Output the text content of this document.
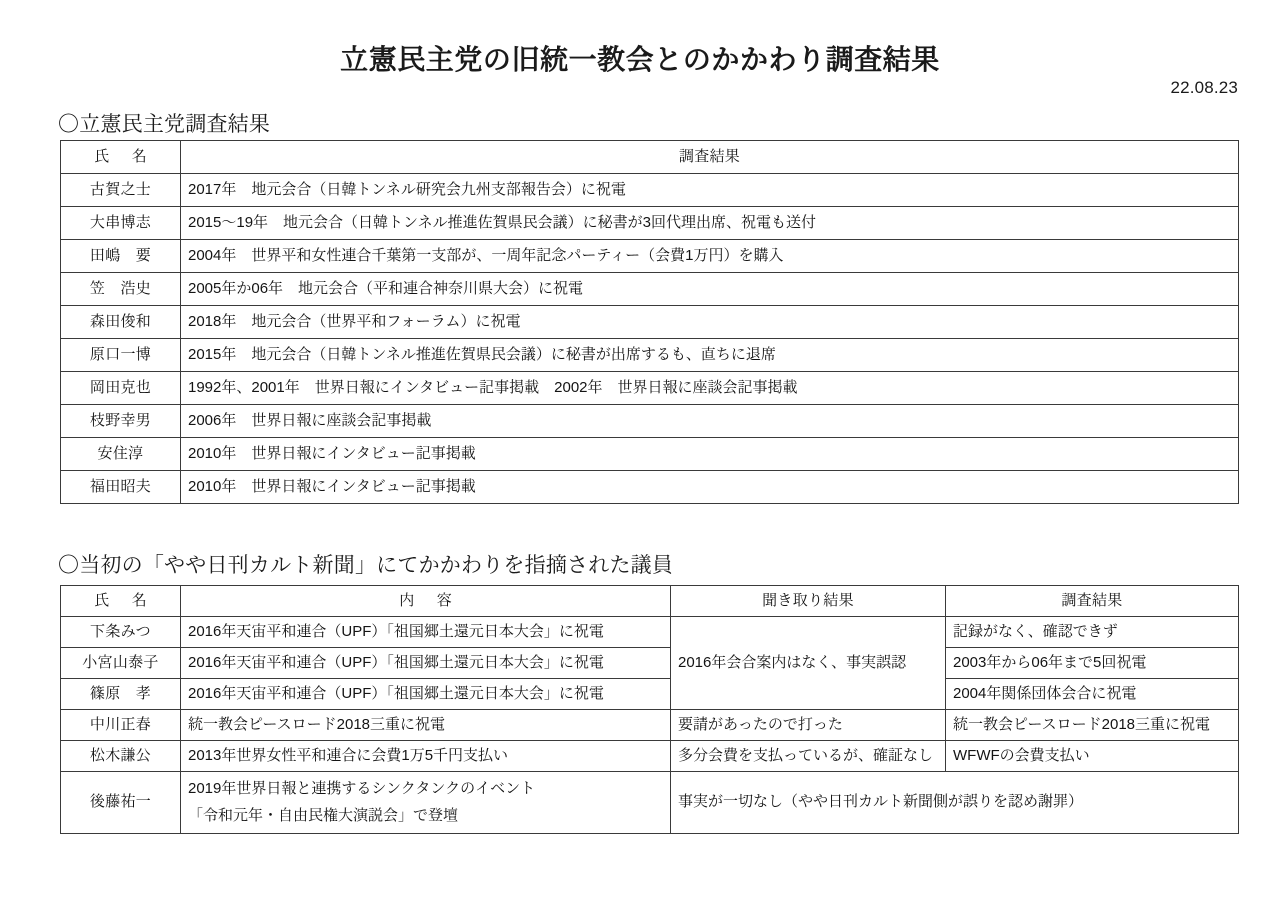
立憲民主党の旧統一教会とのかかわり調査結果
22.08.23
〇立憲民主党調査結果
氏　名	調査結果
古賀之士	2017年　地元会合（日韓トンネル研究会九州支部報告会）に祝電
大串博志	2015〜19年　地元会合（日韓トンネル推進佐賀県民会議）に秘書が3回代理出席、祝電も送付
田嶋　要	2004年　世界平和女性連合千葉第一支部が、一周年記念パーティー（会費1万円）を購入
笠　浩史	2005年か06年　地元会合（平和連合神奈川県大会）に祝電
森田俊和	2018年　地元会合（世界平和フォーラム）に祝電
原口一博	2015年　地元会合（日韓トンネル推進佐賀県民会議）に秘書が出席するも、直ちに退席
岡田克也	1992年、2001年　世界日報にインタビュー記事掲載　2002年　世界日報に座談会記事掲載
枝野幸男	2006年　世界日報に座談会記事掲載
安住淳	2010年　世界日報にインタビュー記事掲載
福田昭夫	2010年　世界日報にインタビュー記事掲載
〇当初の「やや日刊カルト新聞」にてかかわりを指摘された議員
氏　名	内　容	聞き取り結果	調査結果
下条みつ	2016年天宙平和連合（UPF）「祖国郷土還元日本大会」に祝電	2016年会合案内はなく、事実誤認	記録がなく、確認できず
小宮山泰子	2016年天宙平和連合（UPF）「祖国郷土還元日本大会」に祝電		2003年から06年まで5回祝電
篠原　孝	2016年天宙平和連合（UPF）「祖国郷土還元日本大会」に祝電		2004年関係団体会合に祝電
中川正春	統一教会ピースロード2018三重に祝電	要請があったので打った	統一教会ピースロード2018三重に祝電
松木謙公	2013年世界女性平和連合に会費1万5千円支払い	多分会費を支払っているが、確証なし	WFWFの会費支払い
後藤祐一	2019年世界日報と連携するシンクタンクのイベント
「令和元年・自由民権大演説会」で登壇	事実が一切なし（やや日刊カルト新聞側が誤りを認め謝罪）	
